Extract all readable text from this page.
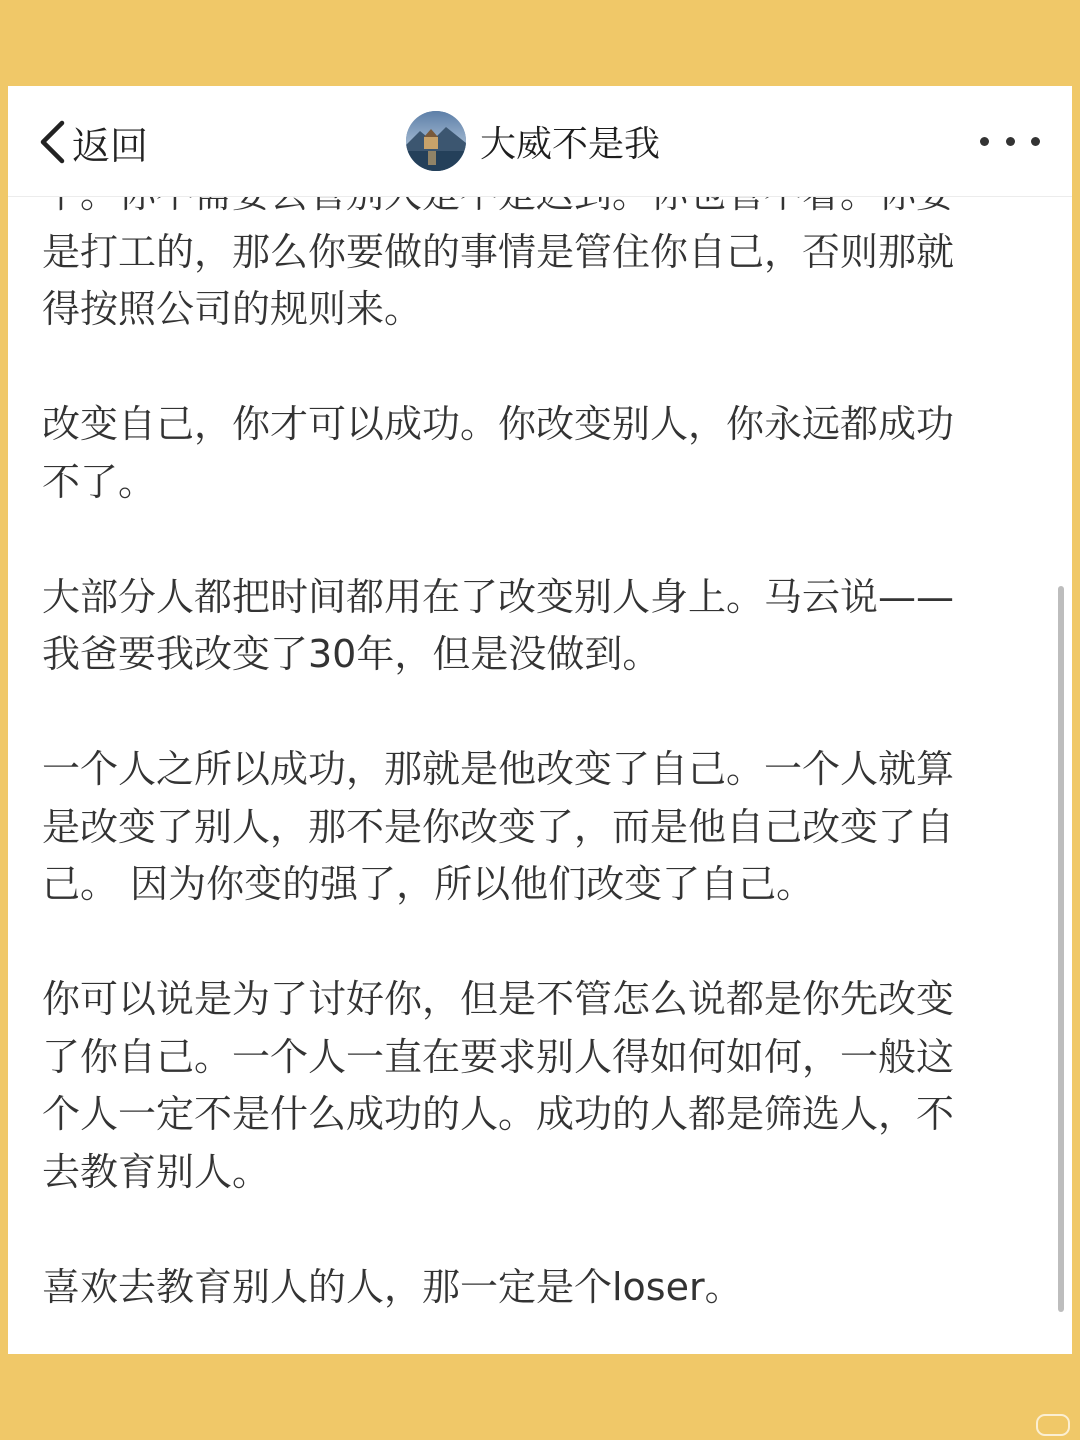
是打工的，那么你要做的事情是管住你自己，否则那就
得按照公司的规则来。
改变自己，你才可以成功。你改变别人，你永远都成功
不了。
大部分人都把时间都用在了改变别人身上。马云说——
我爸要我改变了30年，但是没做到。
一个人之所以成功，那就是他改变了自己。一个人就算
是改变了别人，那不是你改变了，而是他自己改变了自
己。 因为你变的强了，所以他们改变了自己。
你可以说是为了讨好你，但是不管怎么说都是你先改变
了你自己。一个人一直在要求别人得如何如何，一般这
个人一定不是什么成功的人。成功的人都是筛选人，不
去教育别人。
喜欢去教育别人的人，那一定是个loser。
返回	大威不是我
